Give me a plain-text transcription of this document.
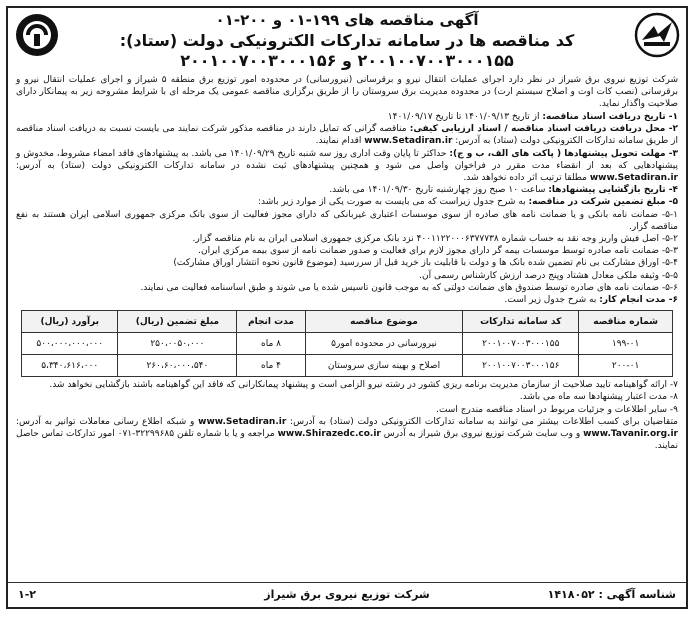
آگهی مناقصه های ۱۹۹-۰۱ و ۲۰۰-۰۱
کد مناقصه ها در سامانه تدارکات الکترونیکی دولت (ستاد):
۲۰۰۱۰۰۷۰۰۳۰۰۰۱۵۵ و ۲۰۰۱۰۰۷۰۰۳۰۰۰۱۵۶
شرکت توزیع نیروی برق شیراز در نظر دارد اجرای عملیات انتقال نیرو و برقرسانی (نیرورسانی) در محدوده امور توزیع برق منطقه ۵ شیراز و اجرای عملیات انتقال نیرو و برقرسانی (نصب کات اوت و اصلاح سیستم ارت) در محدوده مدیریت برق سروستان را از طریق برگزاری مناقصه عمومی یک مرحله ای با شرایط مشروحه زیر به پیمانکار دارای صلاحیت واگذار نماید.

۱- تاریخ دریافت اسناد مناقصه: از تاریخ ۱۴۰۱/۰۹/۱۳ تا تاریخ ۱۴۰۱/۰۹/۱۷

۲- محل دریافت دریافت اسناد مناقصه / اسناد ارزیابی کیفی: مناقصه گرانی که تمایل دارند در مناقصه مذکور شرکت نمایند می بایست نسبت به دریافت اسناد مناقصه از طریق سامانه تدارکات الکترونیکی دولت (ستاد) به آدرس: www.Setadiran.ir اقدام نمایند.

۳- مهلت تحویل پیشنهادها ( پاکت های الف، ب و ج): حداکثر تا پایان وقت اداری روز سه شنبه تاریخ ۱۴۰۱/۰۹/۲۹ می باشد. به پیشنهادهای فاقد امضاء مشروط، مخدوش و پیشنهادهایی که بعد از انقضاء مدت مقرر در فراخوان واصل می شود و همچنین پیشنهادهای ثبت نشده در سامانه تدارکات الکترونیکی دولت (ستاد) به آدرس: www.Setadiran.ir مطلقا ترتیب اثر داده نخواهد شد.

۴- تاریخ بازگشایی پیشنهادها: ساعت ۱۰ صبح روز چهارشنبه تاریخ ۱۴۰۱/۰۹/۳۰ می باشد.

۵- مبلغ تضمین شرکت در مناقصه: به شرح جدول زیراست که می بایست به صورت یکی از موارد زیر باشد:

۵-۱- ضمانت نامه بانکی و یا ضمانت نامه های صادره از سوی موسسات اعتباری غیربانکی که دارای مجوز فعالیت از سوی بانک مرکزی جمهوری اسلامی ایران هستند به نفع مناقصه گزار.

۵-۲- اصل فیش واریز وجه نقد به حساب شماره ۴۰۰۱۱۲۲۰۰۰۶۳۷۷۷۳۸ نزد بانک مرکزی جمهوری اسلامی ایران به نام مناقصه گزار.

۵-۳- ضمانت نامه صادره توسط موسسات بیمه گر دارای مجوز لازم برای فعالیت و صدور ضمانت نامه از سوی بیمه مرکزی ایران.

۵-۴- اوراق مشارکت بی نام تضمین شده بانک ها و دولت با قابلیت باز خرید قبل از سررسید (موضوع قانون نحوه انتشار اوراق مشارکت)

۵-۵- وثیقه ملکی معادل هشتاد وپنج درصد ارزش کارشناس رسمی آن.

۵-۶- ضمانت نامه های صادره توسط صندوق های ضمانت دولتی که به موجب قانون تاسیس شده یا می شوند و طبق اساسنامه فعالیت می نمایند.

۶- مدت انجام کار: به شرح جدول زیر است.

شماره مناقصه	کد سامانه تدارکات	موضوع مناقصه	مدت انجام	مبلغ تضمین (ریال)	برآورد (ریال)
۱۹۹-۰۱	۲۰۰۱۰۰۷۰۰۳۰۰۰۱۵۵	نیرورسانی در محدوده امور۵	۸ ماه	۲۵۰،۰۰۵۰،۰۰۰	۵۰۰،۰۰۰،۰۰۰،۰۰۰
۲۰۰-۰۱	۲۰۰۱۰۰۷۰۰۳۰۰۰۱۵۶	اصلاح و بهینه سازی سروستان	۴ ماه	۲۶۰،۶۰،۰۰۰،۵۴۰	۵،۳۴۰،۶۱۶،۰۰۰

۷- ارائه گواهینامه تایید صلاحیت از سازمان مدیریت برنامه ریزی کشور در رشته نیرو الزامی است و پیشنهاد پیمانکارانی که فاقد این گواهینامه باشند بازگشایی نخواهد شد.

۸- مدت اعتبار پیشنهادها سه ماه می باشد.

۹- سایر اطلاعات و جزئیات مربوط در اسناد مناقصه مندرج است.

متقاضیان برای کسب اطلاعات بیشتر می توانند به سامانه تدارکات الکترونیکی دولت (ستاد) به آدرس: www.Setadiran.ir و شبکه اطلاع رسانی معاملات توانیر به آدرس: www.Tavanir.org.ir و وب سایت شرکت توزیع نیروی برق شیراز به آدرس www.Shirazedc.co.ir مراجعه و یا با شماره تلفن ۳۲۲۹۹۶۸۵-۰۷۱ امور تدارکات تماس حاصل نمایند.

شناسه آگهی : ۱۴۱۸۰۵۲
شرکت توزیع نیروی برق شیراز
۱-۲
